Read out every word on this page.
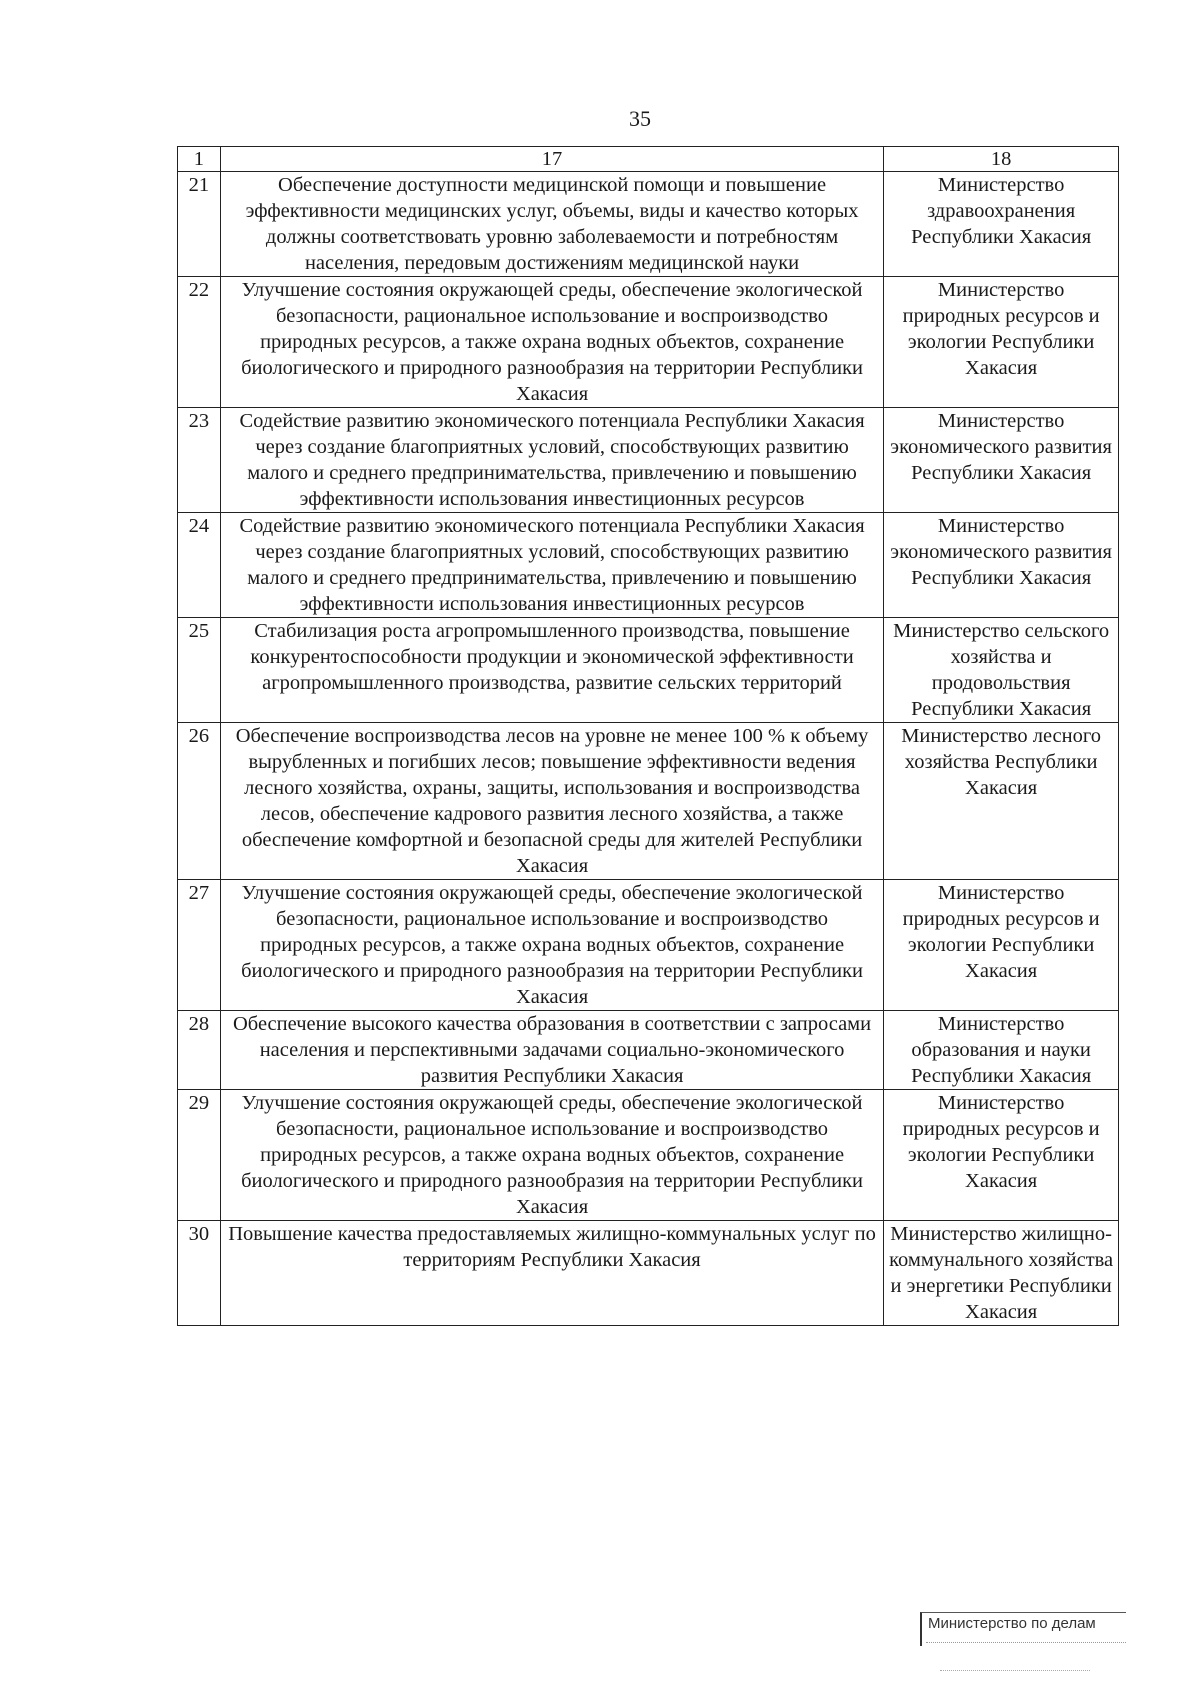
35
1	17	18
21	Обеспечение доступности медицинской помощи и повышение эффективности медицинских услуг, объемы, виды и качество которых должны соответствовать уровню заболеваемости и потребностям населения, передовым достижениям медицинской науки	Министерство здравоохранения Республики Хакасия
22	Улучшение состояния окружающей среды, обеспечение экологической безопасности, рациональное использование и воспроизводство природных ресурсов, а также охрана водных объектов, сохранение биологического и природного разнообразия на территории Республики Хакасия	Министерство природных ресурсов и экологии Республики Хакасия
23	Содействие развитию экономического потенциала Республики Хакасия через создание благоприятных условий, способствующих развитию малого и среднего предпринимательства, привлечению и повышению эффективности использования инвестиционных ресурсов	Министерство экономического развития Республики Хакасия
24	Содействие развитию экономического потенциала Республики Хакасия через создание благоприятных условий, способствующих развитию малого и среднего предпринимательства, привлечению и повышению эффективности использования инвестиционных ресурсов	Министерство экономического развития Республики Хакасия
25	Стабилизация роста агропромышленного производства, повышение конкурентоспособности продукции и экономической эффективности агропромышленного производства, развитие сельских территорий	Министерство сельского хозяйства и продовольствия Республики Хакасия
26	Обеспечение воспроизводства лесов на уровне не менее 100 % к объему вырубленных и погибших лесов; повышение эффективности ведения лесного хозяйства, охраны, защиты, использования и воспроизводства лесов, обеспечение кадрового развития лесного хозяйства, а также обеспечение комфортной и безопасной среды для жителей Республики Хакасия	Министерство лесного хозяйства Республики Хакасия
27	Улучшение состояния окружающей среды, обеспечение экологической безопасности, рациональное использование и воспроизводство природных ресурсов, а также охрана водных объектов, сохранение биологического и природного разнообразия на территории Республики Хакасия	Министерство природных ресурсов и экологии Республики Хакасия
28	Обеспечение высокого качества образования в соответствии с запросами населения и перспективными задачами социально-экономического развития Республики Хакасия	Министерство образования и науки Республики Хакасия
29	Улучшение состояния окружающей среды, обеспечение экологической безопасности, рациональное использование и воспроизводство природных ресурсов, а также охрана водных объектов, сохранение биологического и природного разнообразия на территории Республики Хакасия	Министерство природных ресурсов и экологии Республики Хакасия
30	Повышение качества предоставляемых жилищно-коммунальных услуг по территориям Республики Хакасия	Министерство жилищно-коммунального хозяйства и энергетики Республики Хакасия
Министерство по делам
